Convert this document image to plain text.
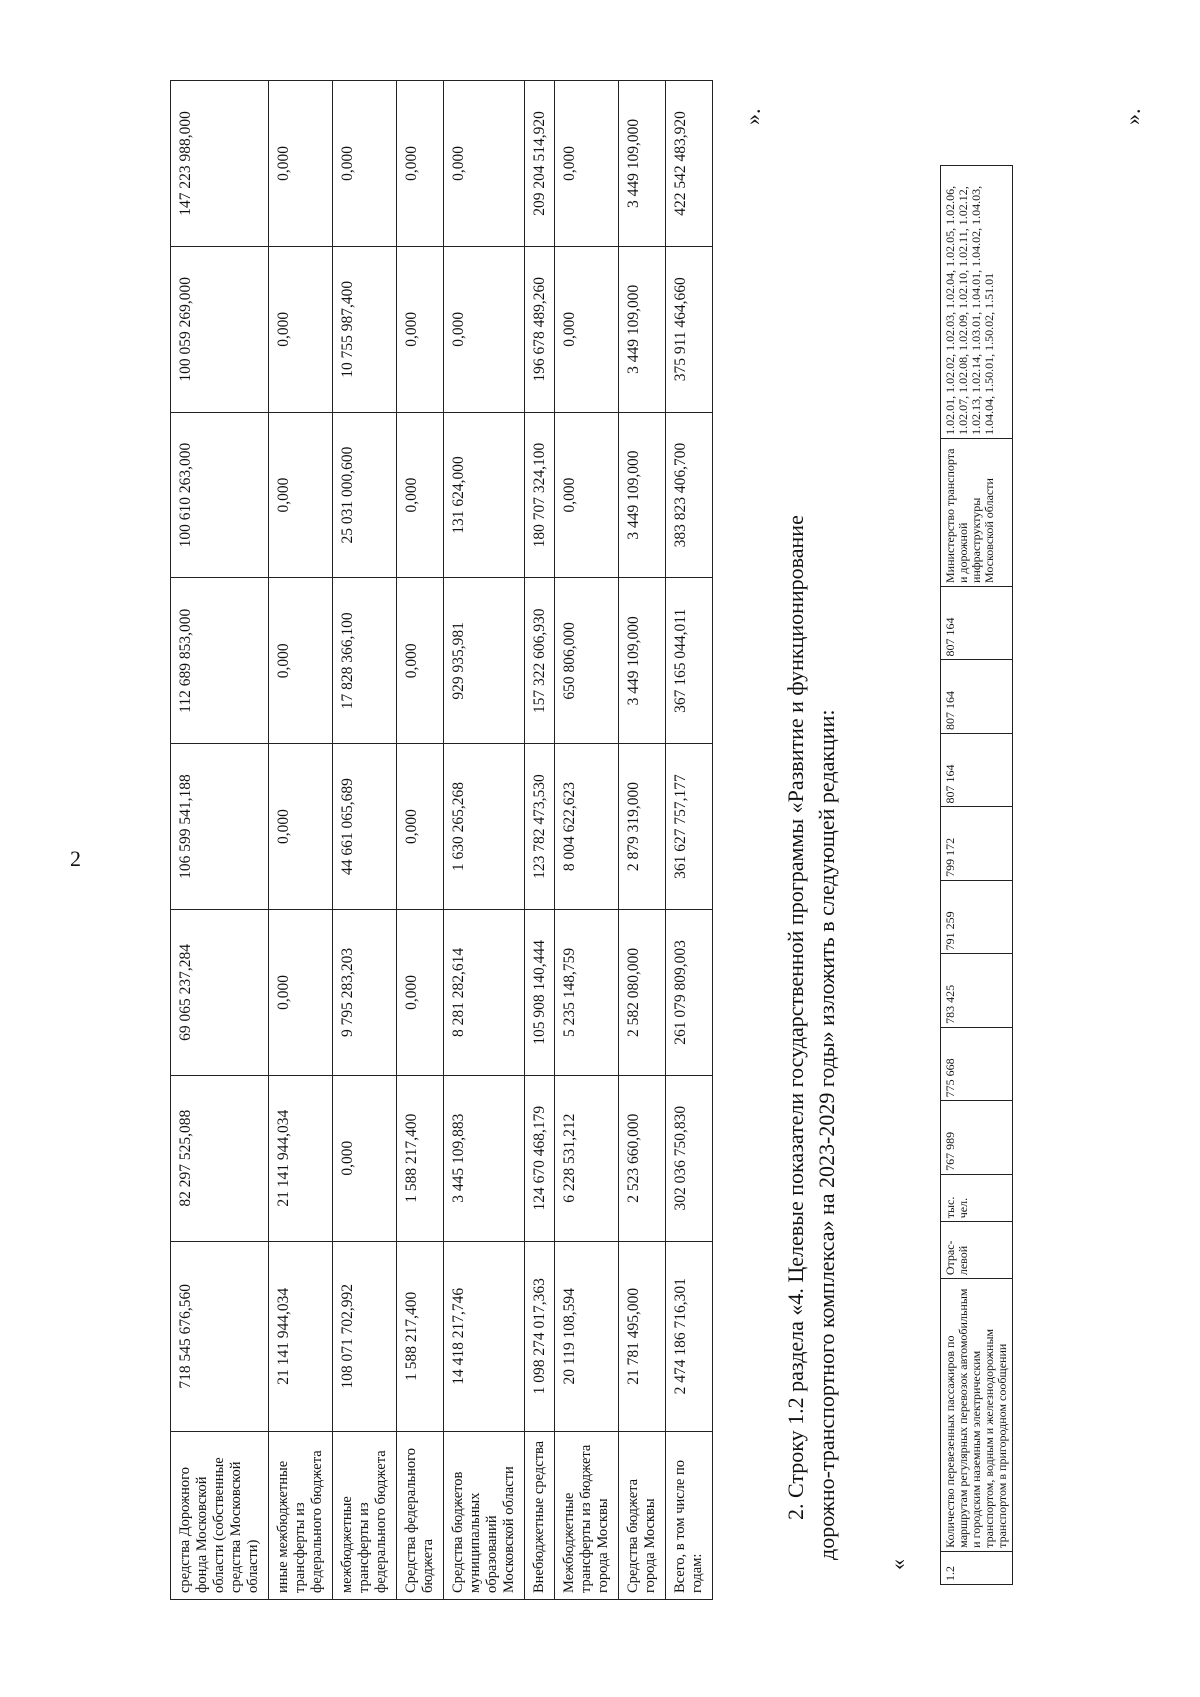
2
средства Дорожного фонда Московской области (собственные средства Московской области)	718 545 676,560	82 297 525,088	69 065 237,284	106 599 541,188	112 689 853,000	100 610 263,000	100 059 269,000	147 223 988,000
иные межбюджетные трансферты из федерального бюджета	21 141 944,034	21 141 944,034	0,000	0,000	0,000	0,000	0,000	0,000
межбюджетные трансферты из федерального бюджета	108 071 702,992	0,000	9 795 283,203	44 661 065,689	17 828 366,100	25 031 000,600	10 755 987,400	0,000
Средства федерального бюджета	1 588 217,400	1 588 217,400	0,000	0,000	0,000	0,000	0,000	0,000
Средства бюджетов муниципальных образований Московской области	14 418 217,746	3 445 109,883	8 281 282,614	1 630 265,268	929 935,981	131 624,000	0,000	0,000
Внебюджетные средства	1 098 274 017,363	124 670 468,179	105 908 140,444	123 782 473,530	157 322 606,930	180 707 324,100	196 678 489,260	209 204 514,920
Межбюджетные трансферты из бюджета города Москвы	20 119 108,594	6 228 531,212	5 235 148,759	8 004 622,623	650 806,000	0,000	0,000	0,000
Средства бюджета города Москвы	21 781 495,000	2 523 660,000	2 582 080,000	2 879 319,000	3 449 109,000	3 449 109,000	3 449 109,000	3 449 109,000
Всего, в том числе по годам:	2 474 186 716,301	302 036 750,830	261 079 809,003	361 627 757,177	367 165 044,011	383 823 406,700	375 911 464,660	422 542 483,920 ».
2. Строку 1.2 раздела «4. Целевые показатели государственной программы «Развитие и функционирование дорожно-транспортного комплекса» на 2023-2029 годы» изложить в следующей редакции:
«
1.2	Количество перевезенных пассажиров по маршрутам регулярных перевозок автомобильным и городским наземным электрическим транспортом, водным и железнодорожным транспортом в пригородном сообщении	Отрас-левой	тыс. чел.	767 989	775 668	783 425	791 259	799 172	807 164	807 164	807 164	Министерство транспорта и дорожной инфраструктуры Московской области	1.02.01, 1.02.02, 1.02.03, 1.02.04, 1.02.05, 1.02.06, 1.02.07, 1.02.08, 1.02.09, 1.02.10, 1.02.11, 1.02.12, 1.02.13, 1.02.14, 1.03.01, 1.04.01, 1.04.02, 1.04.03, 1.04.04, 1.50.01, 1.50.02, 1.51.01
».
